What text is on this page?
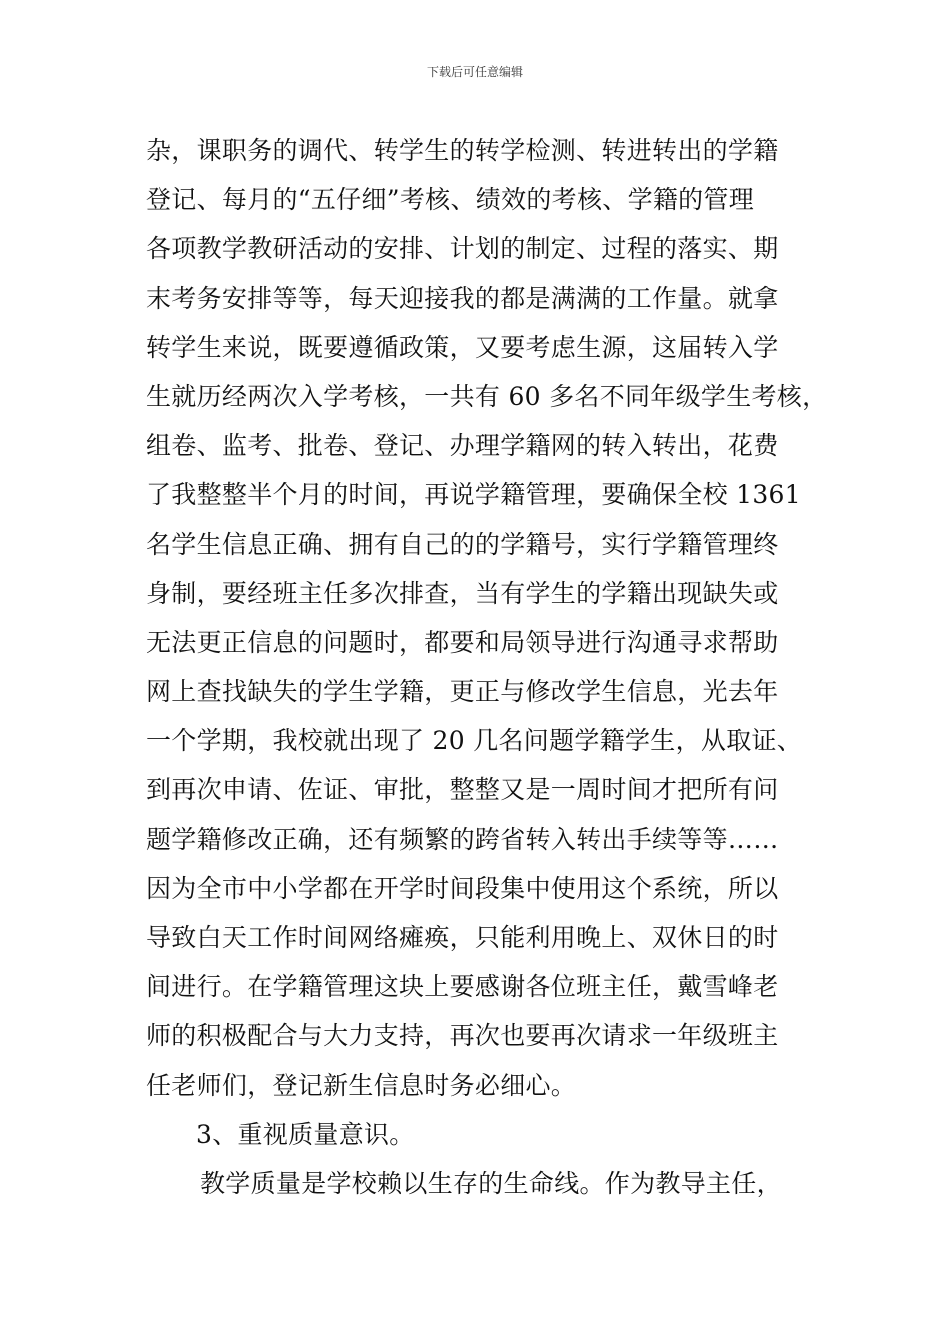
下载后可任意编辑
杂，课职务的调代、转学生的转学检测、转进转出的学籍
登记、每月的“五仔细”考核、绩效的考核、学籍的管理
各项教学教研活动的安排、计划的制定、过程的落实、期
末考务安排等等，每天迎接我的都是满满的工作量。就拿
转学生来说，既要遵循政策，又要考虑生源，这届转入学
生就历经两次入学考核，一共有 60 多名不同年级学生考核，
组卷、监考、批卷、登记、办理学籍网的转入转出，花费
了我整整半个月的时间，再说学籍管理，要确保全校 1361
名学生信息正确、拥有自己的的学籍号，实行学籍管理终
身制，要经班主任多次排查，当有学生的学籍出现缺失或
无法更正信息的问题时，都要和局领导进行沟通寻求帮助
网上查找缺失的学生学籍，更正与修改学生信息，光去年
一个学期，我校就出现了 20 几名问题学籍学生，从取证、
到再次申请、佐证、审批，整整又是一周时间才把所有问
题学籍修改正确，还有频繁的跨省转入转出手续等等……
因为全市中小学都在开学时间段集中使用这个系统，所以
导致白天工作时间网络瘫痪，只能利用晚上、双休日的时
间进行。在学籍管理这块上要感谢各位班主任，戴雪峰老
师的积极配合与大力支持，再次也要再次请求一年级班主
任老师们，登记新生信息时务必细心。
3、重视质量意识。
教学质量是学校赖以生存的生命线。作为教导主任，
